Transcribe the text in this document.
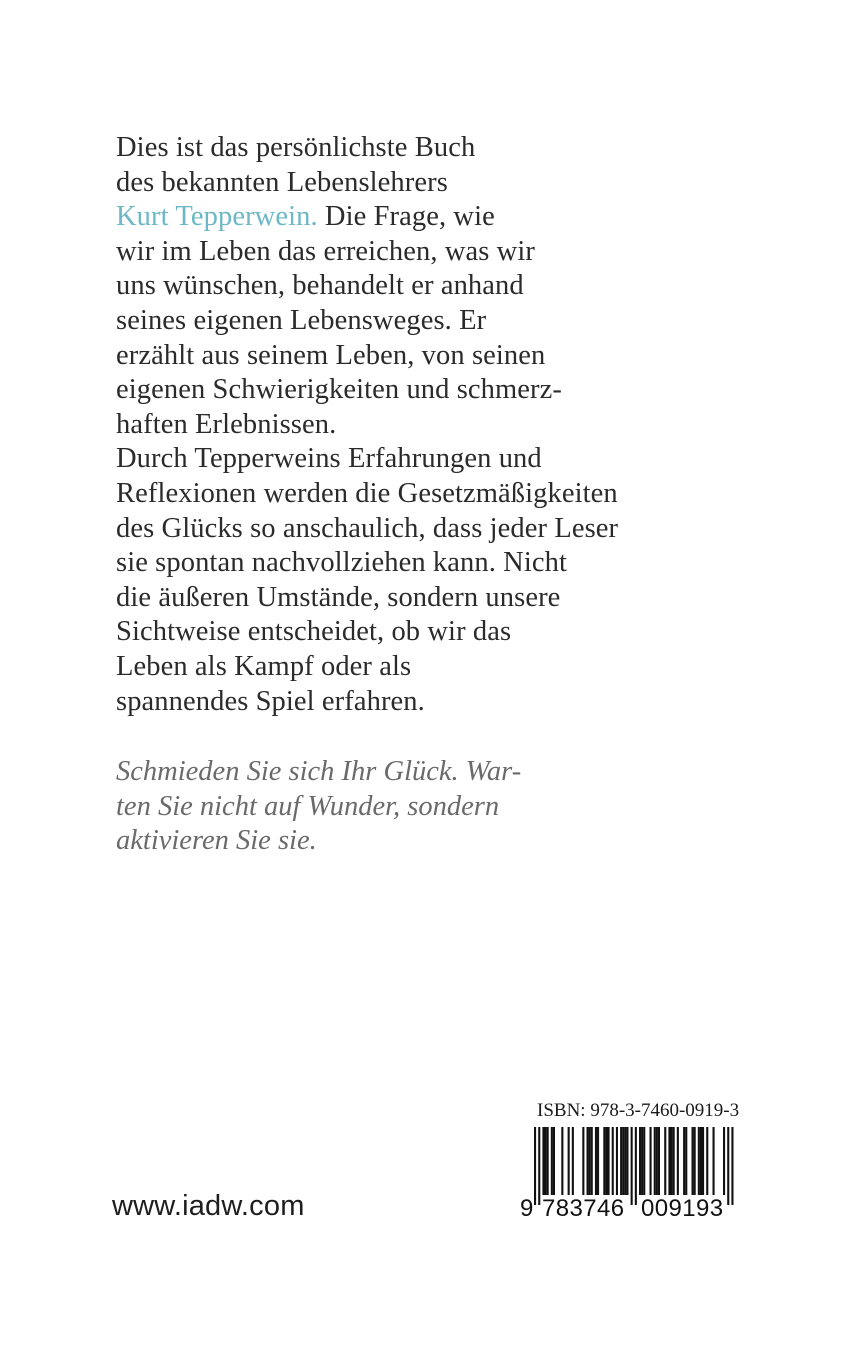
Dies ist das persönlichste Buch
des bekannten Lebenslehrers
Kurt Tepperwein. Die Frage, wie
wir im Leben das erreichen, was wir
uns wünschen, behandelt er anhand
seines eigenen Lebensweges. Er
erzählt aus seinem Leben, von seinen
eigenen Schwierigkeiten und schmerz-
haften Erlebnissen.
Durch Tepperweins Erfahrungen und
Reflexionen werden die Gesetzmäßigkeiten
des Glücks so anschaulich, dass jeder Leser
sie spontan nachvollziehen kann. Nicht
die äußeren Umstände, sondern unsere
Sichtweise entscheidet, ob wir das
Leben als Kampf oder als
spannendes Spiel erfahren.
Schmieden Sie sich Ihr Glück. War-
ten Sie nicht auf Wunder, sondern
aktivieren Sie sie.
www.iadw.com
ISBN: 978-3-7460-0919-3
9 783746 009193
